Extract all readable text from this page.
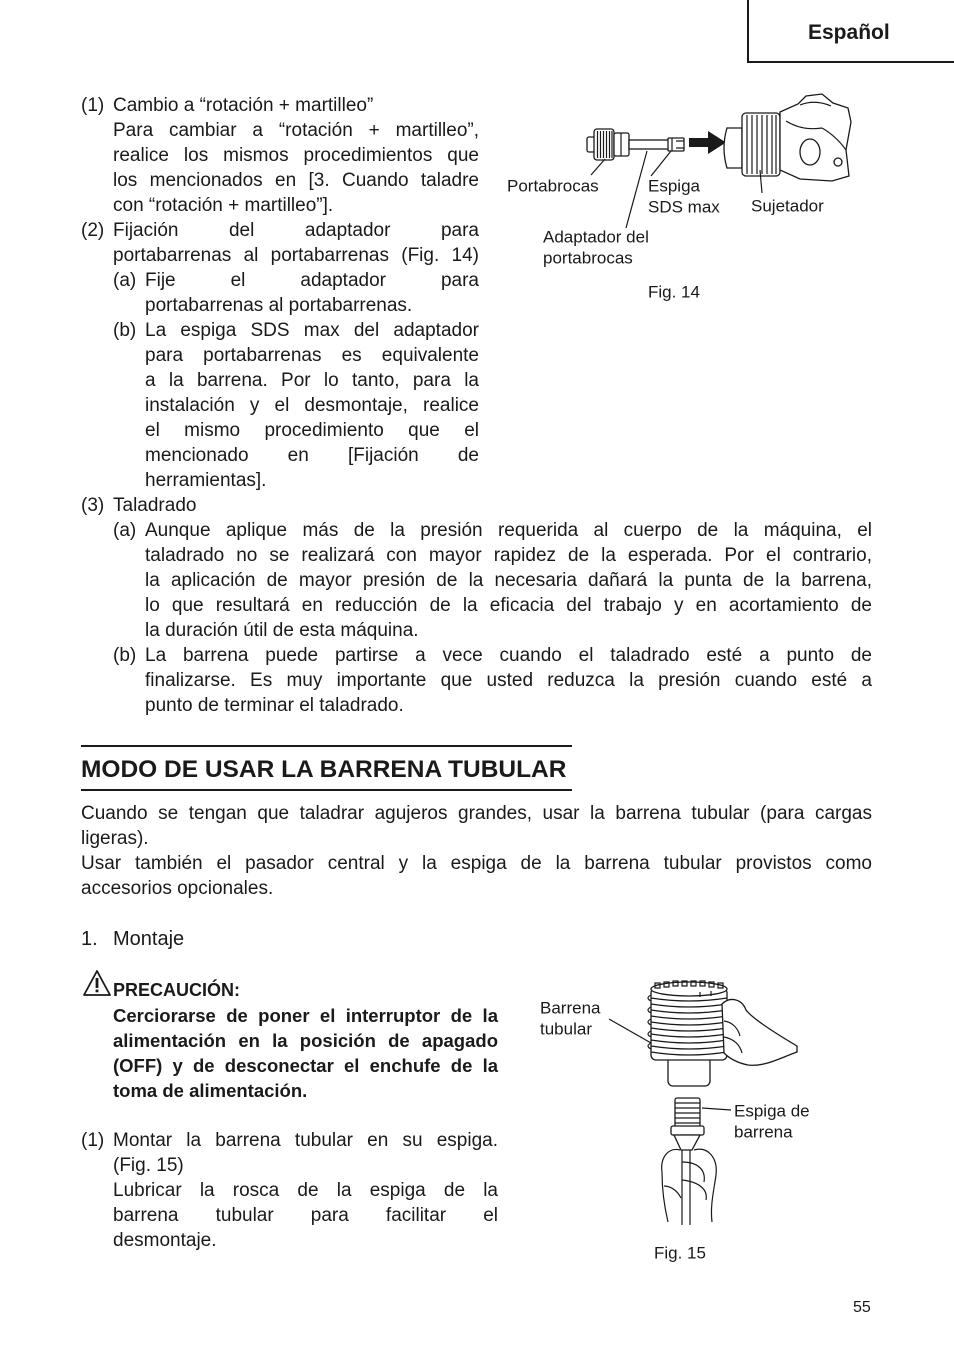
Español
(1) Cambio a “rotación + martilleo”
Para cambiar a “rotación + martilleo”,
realice los mismos procedimientos que
los mencionados en [3. Cuando taladre
con “rotación + martilleo”].
(2) Fijación del adaptador para
portabarrenas al portabarrenas (Fig. 14)
(a) Fije el adaptador para
portabarrenas al portabarrenas.
(b) La espiga SDS max del adaptador
para portabarrenas es equivalente
a la barrena. Por lo tanto, para la
instalación y el desmontaje, realice
el mismo procedimiento que el
mencionado en [Fijación de
herramientas].
(3) Taladrado
(a) Aunque aplique más de la presión requerida al cuerpo de la máquina, el
taladrado no se realizará con mayor rapidez de la esperada. Por el contrario,
la aplicación de mayor presión de la necesaria dañará la punta de la barrena,
lo que resultará en reducción de la eficacia del trabajo y en acortamiento de
la duración útil de esta máquina.
(b) La barrena puede partirse a vece cuando el taladrado esté a punto de
finalizarse. Es muy importante que usted reduzca la presión cuando esté a
punto de terminar el taladrado.
Portabrocas	Espiga
SDS max Sujetador
Adaptador del
portabrocas
Fig. 14
MODO DE USAR LA BARRENA TUBULAR
Cuando se tengan que taladrar agujeros grandes, usar la barrena tubular (para cargas
ligeras).
Usar también el pasador central y la espiga de la barrena tubular provistos como
accesorios opcionales.
1. Montaje
PRECAUCIÓN:
Cerciorarse de poner el interruptor de la
alimentación en la posición de apagado
(OFF) y de desconectar el enchufe de la
toma de alimentación.
(1) Montar la barrena tubular en su espiga.
(Fig. 15)
Lubricar la rosca de la espiga de la
barrena tubular para facilitar el
desmontaje.
Barrena
tubular
Espiga de
barrena
Fig. 15
55
